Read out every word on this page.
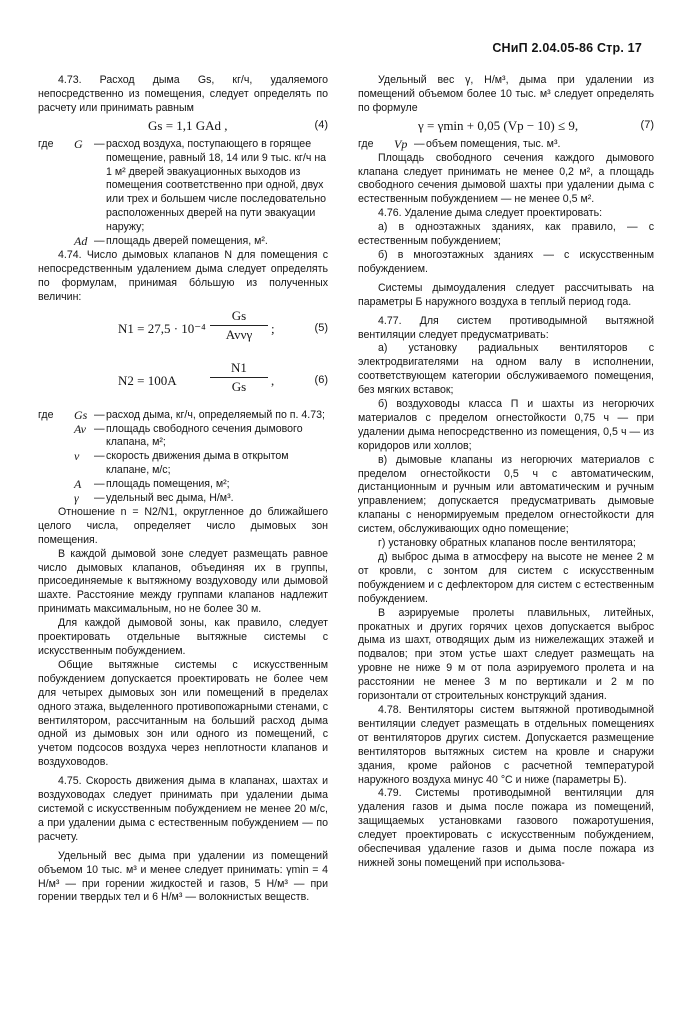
СНиП 2.04.05-86 Стр. 17

4.73. Расход дыма Gs, кг/ч, удаляемого непосредственно из помещения, следует определять по расчету или принимать равным

Gs = 1,1 GAd ,	(4)
где	G	— расход воздуха, поступающего в горящее помещение, равный 18, 14 или 9 тыс. кг/ч на 1 м² дверей эвакуационных выходов из помещения соответственно при одной, двух или трех и большем числе последовательно расположенных дверей на пути эвакуации наружу;
Ad — площадь дверей помещения, м².

4.74. Число дымовых клапанов N для помещения с непосредственным удалением дыма следует определять по формулам, принимая бо́льшую из полученных величин:

N1 = 27,5 · 10⁻⁴
Gs
Avνγ	;	(5)
N2 = 100A	$\frac{N1}{Gs}$ ,	(6)
где	Gs — расход дыма, кг/ч, определяемый по п. 4.73;
Av — площадь свободного сечения дымового клапана, м²;
ν	— скорость движения дыма в открытом клапане, м/с;
A	— площадь помещения, м²;
γ	— удельный вес дыма, Н/м³.

Отношение n = N2/N1, округленное до ближайшего целого числа, определяет число дымовых зон помещения.

В каждой дымовой зоне следует размещать равное число дымовых клапанов, объединяя их в группы, присоединяемые к вытяжному воздуховоду или дымовой шахте. Расстояние между группами клапанов надлежит принимать максимальным, но не более 30 м.

Для каждой дымовой зоны, как правило, следует проектировать отдельные вытяжные системы с искусственным побуждением.

Общие вытяжные системы с искусственным побуждением допускается проектировать не более чем для четырех дымовых зон или помещений в пределах одного этажа, выделенного противопожарными стенами, с вентилятором, рассчитанным на больший расход дыма одной из дымовых зон или одного из помещений, с учетом подсосов воздуха через неплотности клапанов и воздуховодов.

4.75. Скорость движения дыма в клапанах, шахтах и воздуховодах следует принимать при удалении дыма системой с искусственным побуждением не менее 20 м/с, а при удалении дыма с естественным побуждением — по расчету.

Удельный вес дыма при удалении из помещений объемом 10 тыс. м³ и менее следует принимать: γmin = 4 Н/м³ — при горении жидкостей и газов, 5 Н/м³ — при горении твердых тел и 6 Н/м³ — волокнистых веществ.

Удельный вес γ, Н/м³, дыма при удалении из помещений объемом более 10 тыс. м³ следует определять по формуле

γ = γmin + 0,05 (Vp − 10) ≤ 9,	(7)
где	Vp — объем помещения, тыс. м³.

Площадь свободного сечения каждого дымового клапана следует принимать не менее 0,2 м², а площадь свободного сечения дымовой шахты при удалении дыма с естественным побуждением — не менее 0,5 м².

4.76. Удаление дыма следует проектировать:

а) в одноэтажных зданиях, как правило, — с естественным побуждением;

б) в многоэтажных зданиях — с искусственным побуждением.

Системы дымоудаления следует рассчитывать на параметры Б наружного воздуха в теплый период года.

4.77. Для систем противодымной вытяжной вентиляции следует предусматривать:

а) установку радиальных вентиляторов с электродвигателями на одном валу в исполнении, соответствующем категории обслуживаемого помещения, без мягких вставок;

б) воздуховоды класса П и шахты из негорючих материалов с пределом огнестойкости 0,75 ч — при удалении дыма непосредственно из помещения, 0,5 ч — из коридоров или холлов;

в) дымовые клапаны из негорючих материалов с пределом огнестойкости 0,5 ч с автоматическим, дистанционным и ручным или автоматическим и ручным управлением; допускается предусматривать дымовые клапаны с ненормируемым пределом огнестойкости для систем, обслуживающих одно помещение;

г) установку обратных клапанов после вентилятора;

д) выброс дыма в атмосферу на высоте не менее 2 м от кровли, с зонтом для систем с искусственным побуждением и с дефлектором для систем с естественным побуждением.

В аэрируемые пролеты плавильных, литейных, прокатных и других горячих цехов допускается выброс дыма из шахт, отводящих дым из нижележащих этажей и подвалов; при этом устье шахт следует размещать на уровне не ниже 9 м от пола аэрируемого пролета и на расстоянии не менее 3 м по вертикали и 2 м по горизонтали от строительных конструкций здания.

4.78. Вентиляторы систем вытяжной противодымной вентиляции следует размещать в отдельных помещениях от вентиляторов других систем. Допускается размещение вентиляторов вытяжных систем на кровле и снаружи здания, кроме районов с расчетной температурой наружного воздуха минус 40 °C и ниже (параметры Б).

4.79. Системы противодымной вентиляции для удаления газов и дыма после пожара из помещений, защищаемых установками газового пожаротушения, следует проектировать с искусственным побуждением, обеспечивая удаление газов и дыма после пожара из нижней зоны помещений при использова-
